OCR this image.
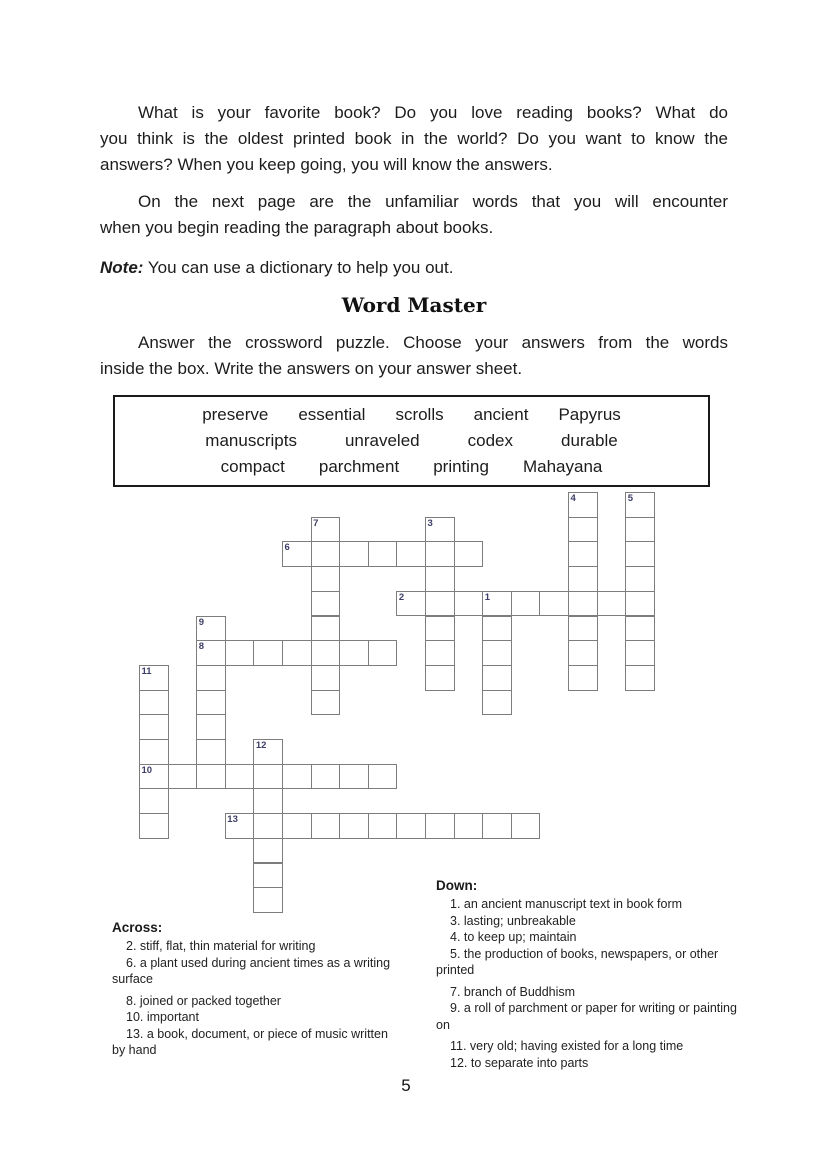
What is your favorite book? Do you love reading books? What do
you think is the oldest printed book in the world? Do you want to know the
answers? When you keep going, you will know the answers.
On the next page are the unfamiliar words that you will encounter
when you begin reading the paragraph about books.
Note: You can use a dictionary to help you out.
Word Master
Answer the crossword puzzle. Choose your answers from the words
inside the box. Write the answers on your answer sheet.
preserve essential scrolls ancient Papyrus
manuscripts	unraveled	codex	durable
compact parchment printing Mahayana
4	5
7	3
6
2	1
9
8
11
12
10
13
Across:

2. stiff, flat, thin material for writing

6. a plant used during ancient times as a writing surface

8. joined or packed together

10. important

13. a book, document, or piece of music written by hand

Down:

1. an ancient manuscript text in book form

3. lasting; unbreakable

4. to keep up; maintain

5. the production of books, newspapers, or other printed

7. branch of Buddhism

9. a roll of parchment or paper for writing or painting on

11. very old; having existed for a long time

12. to separate into parts

5
